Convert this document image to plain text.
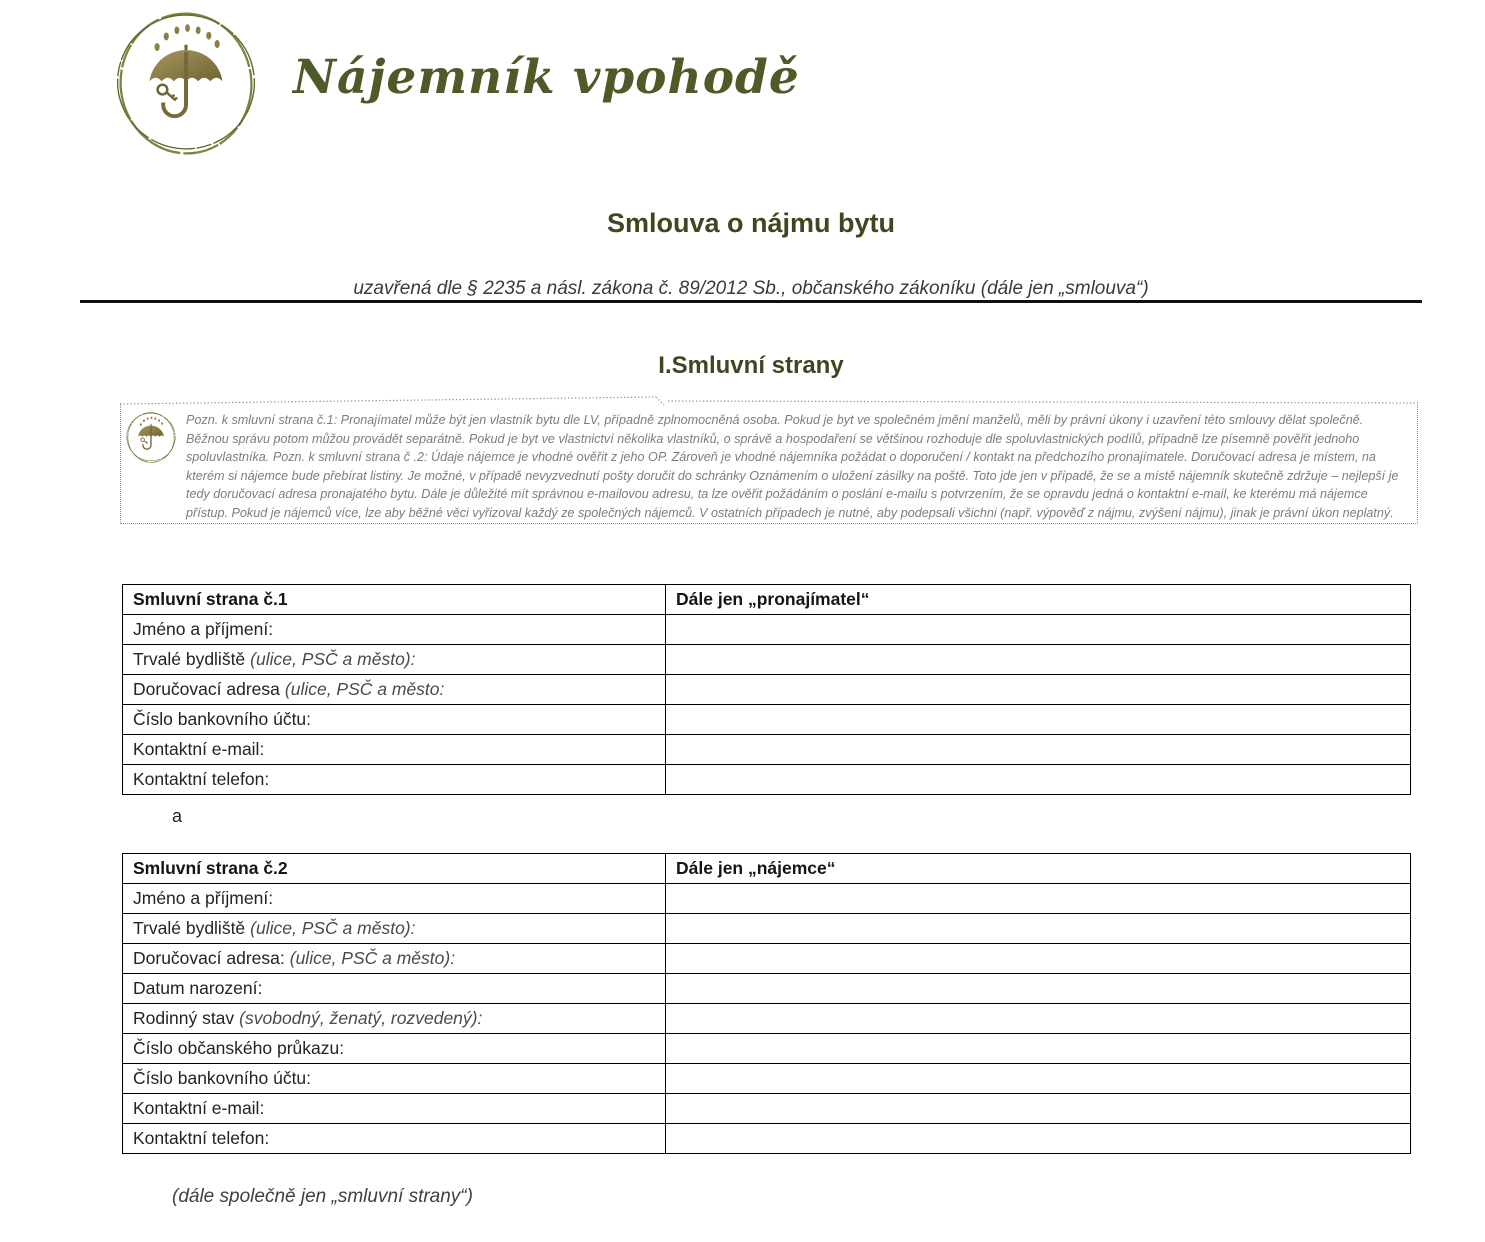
Nájemník vpohodě
Smlouva o nájmu bytu
uzavřená dle § 2235 a násl. zákona č. 89/2012 Sb., občanského zákoníku (dále jen „smlouva“)
I.Smluvní strany
Pozn. k smluvní strana č.1: Pronajímatel může být jen vlastník bytu dle LV, případně zplnomocněná osoba. Pokud je byt ve společném jmění manželů, měli by právní úkony i uzavření této smlouvy dělat společně. Běžnou správu potom můžou provádět separátně. Pokud je byt ve vlastnictví několika vlastníků, o správě a hospodaření se většinou rozhoduje dle spoluvlastnických podílů, případně lze písemně pověřit jednoho spoluvlastníka. Pozn. k smluvní strana č .2: Údaje nájemce je vhodné ověřit z jeho OP. Zároveň je vhodné nájemníka požádat o doporučení / kontakt na předchozího pronajímatele. Doručovací adresa je místem, na kterém si nájemce bude přebírat listiny. Je možné, v případě nevyzvednutí pošty doručit do schránky Oznámením o uložení zásilky na poště. Toto jde jen v případě, že se a místě nájemník skutečně zdržuje – nejlepší je tedy doručovací adresa pronajatého bytu. Dále je důležité mít správnou e-mailovou adresu, ta lze ověřit požádáním o poslání e-mailu s potvrzením, že se opravdu jedná o kontaktní e-mail, ke kterému má nájemce přístup. Pokud je nájemců více, lze aby běžné věci vyřizoval každý ze společných nájemců. V ostatních případech je nutné, aby podepsali všichni (např. výpověď z nájmu, zvýšení nájmu), jinak je právní úkon neplatný.
Smluvní strana č.1	Dále jen „pronajímatel“
Jméno a příjmení:	
Trvalé bydliště (ulice, PSČ a město):	
Doručovací adresa (ulice, PSČ a město:	
Číslo bankovního účtu:	
Kontaktní e-mail:	
Kontaktní telefon:	
a
Smluvní strana č.2	Dále jen „nájemce“
Jméno a příjmení:	
Trvalé bydliště (ulice, PSČ a město):	
Doručovací adresa: (ulice, PSČ a město):	
Datum narození:	
Rodinný stav (svobodný, ženatý, rozvedený):	
Číslo občanského průkazu:	
Číslo bankovního účtu:	
Kontaktní e-mail:	
Kontaktní telefon:	
(dále společně jen „smluvní strany“)
